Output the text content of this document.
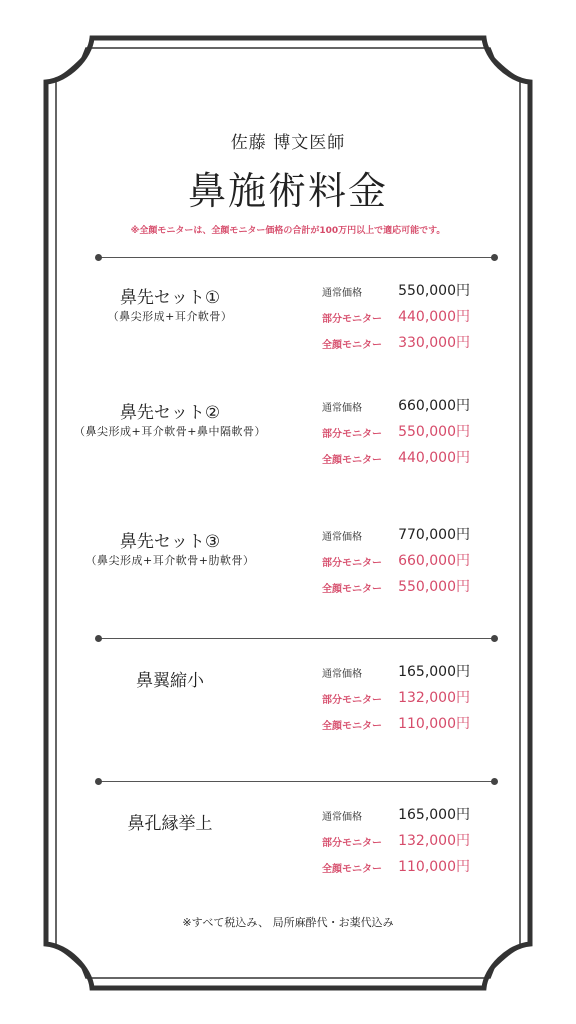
佐藤 博文医師
鼻施術料金
※全顔モニターは、全顔モニター価格の合計が100万円以上で適応可能です。
鼻先セット①
（鼻尖形成+耳介軟骨）
通常価格	550,000円
部分モニター 440,000円
全顔モニター 330,000円
鼻先セット②
（鼻尖形成+耳介軟骨+鼻中隔軟骨）
通常価格	660,000円
部分モニター 550,000円
全顔モニター 440,000円
鼻先セット③
（鼻尖形成+耳介軟骨+肋軟骨）
通常価格	770,000円
部分モニター 660,000円
全顔モニター 550,000円
鼻翼縮小	通常価格	165,000円
部分モニター 132,000円
全顔モニター 110,000円
鼻孔縁挙上	通常価格	165,000円
部分モニター 132,000円
全顔モニター 110,000円
※すべて税込み、 局所麻酔代・お薬代込み
